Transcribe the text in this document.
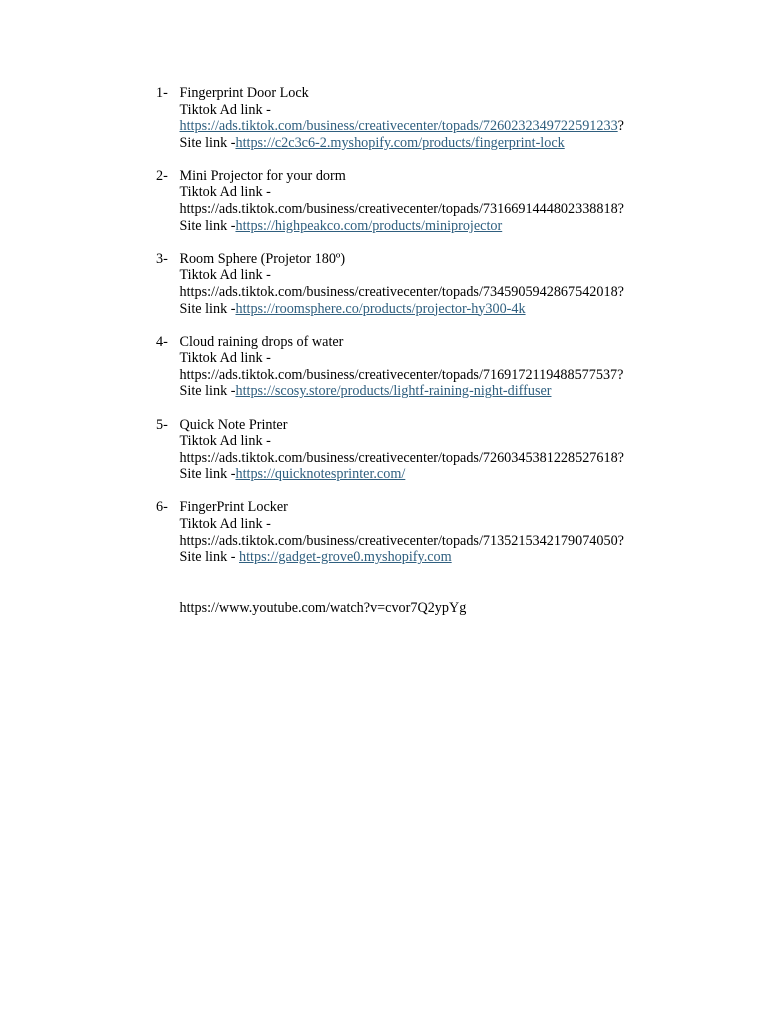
1- Fingerprint Door Lock
Tiktok Ad link -
https://ads.tiktok.com/business/creativecenter/topads/7260232349722591233?
Site link -https://c2c3c6-2.myshopify.com/products/fingerprint-lock
2- Mini Projector for your dorm
Tiktok Ad link -
https://ads.tiktok.com/business/creativecenter/topads/7316691444802338818?
Site link -https://highpeakco.com/products/miniprojector
3- Room Sphere (Projetor 180º)
Tiktok Ad link -
https://ads.tiktok.com/business/creativecenter/topads/7345905942867542018?
Site link -https://roomsphere.co/products/projector-hy300-4k
4- Cloud raining drops of water
Tiktok Ad link -
https://ads.tiktok.com/business/creativecenter/topads/7169172119488577537?
Site link -https://scosy.store/products/lightf-raining-night-diffuser
5- Quick Note Printer
Tiktok Ad link -
https://ads.tiktok.com/business/creativecenter/topads/7260345381228527618?
Site link -https://quicknotesprinter.com/
6- FingerPrint Locker
Tiktok Ad link -
https://ads.tiktok.com/business/creativecenter/topads/7135215342179074050?
Site link - https://gadget-grove0.myshopify.com
https://www.youtube.com/watch?v=cvor7Q2ypYg
